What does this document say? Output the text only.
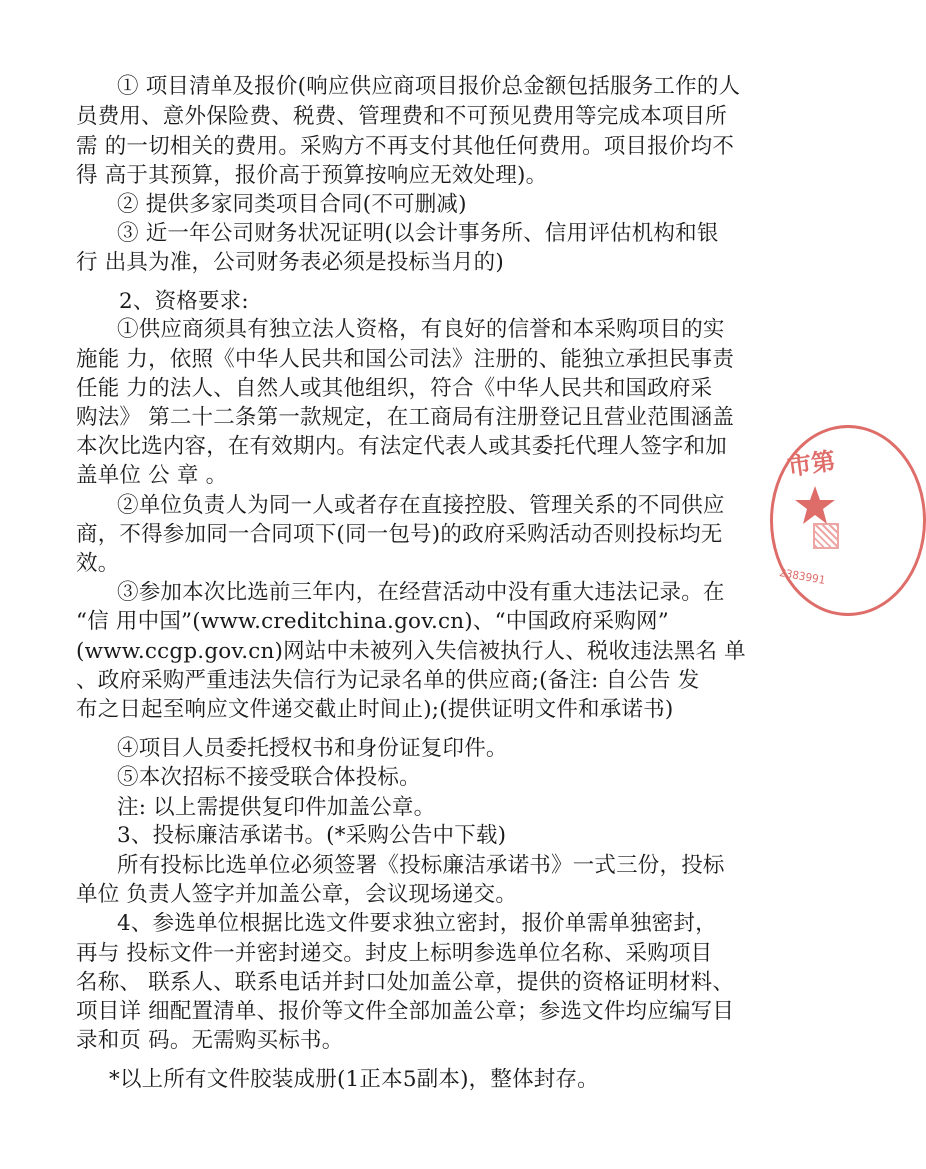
① 项目清单及报价(响应供应商项目报价总金额包括服务工作的人
员费用、意外保险费、税费、管理费和不可预见费用等完成本项目所
需 的一切相关的费用。采购方不再支付其他任何费用。项目报价均不
得 高于其预算，报价高于预算按响应无效处理)。
② 提供多家同类项目合同(不可删减)
③ 近一年公司财务状况证明(以会计事务所、信用评估机构和银
行 出具为准，公司财务表必须是投标当月的)
2、资格要求:
①供应商须具有独立法人资格，有良好的信誉和本采购项目的实
施能 力，依照《中华人民共和国公司法》注册的、能独立承担民事责
任能 力的法人、自然人或其他组织，符合《中华人民共和国政府采
购法》 第二十二条第一款规定，在工商局有注册登记且营业范围涵盖
本次比选内容，在有效期内。有法定代表人或其委托代理人签字和加
盖单位 公 章 。
②单位负责人为同一人或者存在直接控股、管理关系的不同供应
商，不得参加同一合同项下(同一包号)的政府采购活动否则投标均无
效。
③参加本次比选前三年内，在经营活动中没有重大违法记录。在
“信 用中国”(www.creditchina.gov.cn)、“中国政府采购网”
(www.ccgp.gov.cn)网站中未被列入失信被执行人、税收违法黑名 单
、政府采购严重违法失信行为记录名单的供应商;(备注: 自公告 发
布之日起至响应文件递交截止时间止);(提供证明文件和承诺书)
④项目人员委托授权书和身份证复印件。
⑤本次招标不接受联合体投标。
注: 以上需提供复印件加盖公章。
3、投标廉洁承诺书。(*采购公告中下载)
所有投标比选单位必须签署《投标廉洁承诺书》一式三份，投标
单位 负责人签字并加盖公章，会议现场递交。
4、参选单位根据比选文件要求独立密封，报价单需单独密封，
再与 投标文件一并密封递交。封皮上标明参选单位名称、采购项目
名称、 联系人、联系电话并封口处加盖公章，提供的资格证明材料、
项目详 细配置清单、报价等文件全部加盖公章；参选文件均应编写目
录和页 码。无需购买标书。
*以上所有文件胶装成册(1正本5副本)，整体封存。
市第
2383991
